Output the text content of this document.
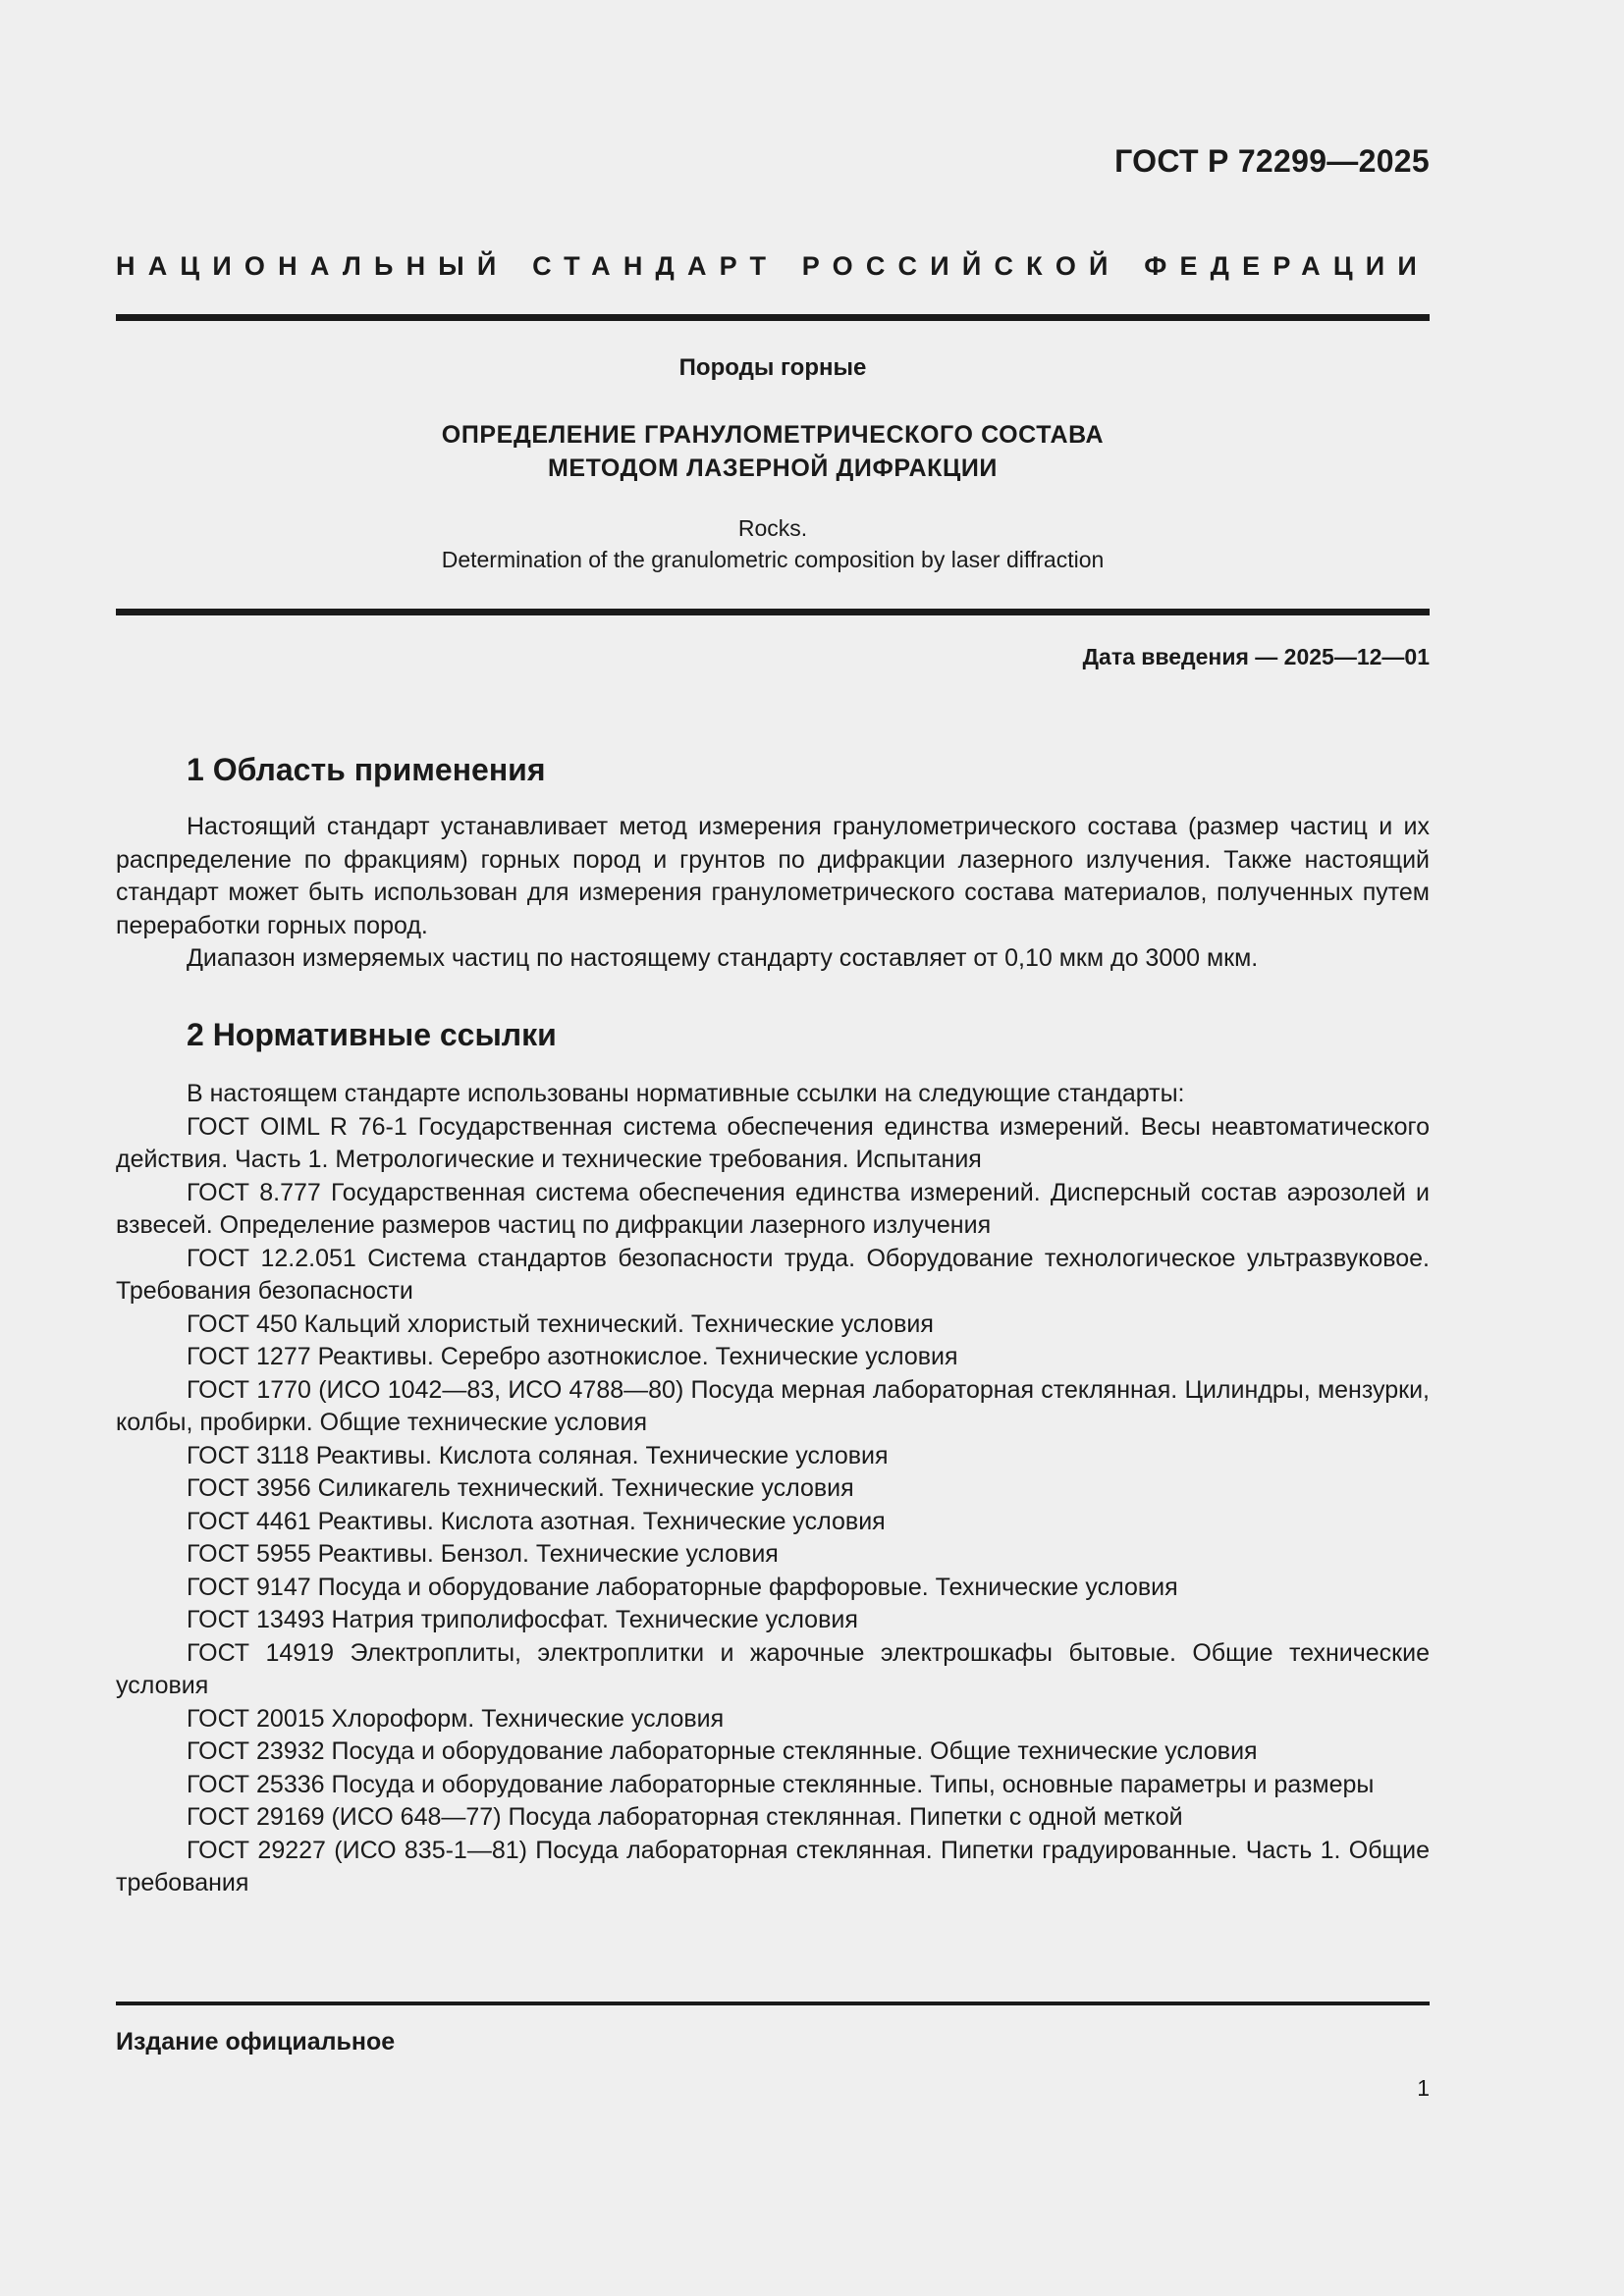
ГОСТ Р 72299—2025
НАЦИОНАЛЬНЫЙ СТАНДАРТ РОССИЙСКОЙ ФЕДЕРАЦИИ
Породы горные
ОПРЕДЕЛЕНИЕ ГРАНУЛОМЕТРИЧЕСКОГО СОСТАВА
МЕТОДОМ ЛАЗЕРНОЙ ДИФРАКЦИИ
Rocks.
Determination of the granulometric composition by laser diffraction
Дата введения — 2025—12—01
1 Область применения

Настоящий стандарт устанавливает метод измерения гранулометрического состава (размер частиц и их распределение по фракциям) горных пород и грунтов по дифракции лазерного излучения. Также настоящий стандарт может быть использован для измерения гранулометрического состава материалов, полученных путем переработки горных пород.

Диапазон измеряемых частиц по настоящему стандарту составляет от 0,10 мкм до 3000 мкм.

2 Нормативные ссылки

В настоящем стандарте использованы нормативные ссылки на следующие стандарты:

ГОСТ OIML R 76-1 Государственная система обеспечения единства измерений. Весы неавтоматического действия. Часть 1. Метрологические и технические требования. Испытания

ГОСТ 8.777 Государственная система обеспечения единства измерений. Дисперсный состав аэрозолей и взвесей. Определение размеров частиц по дифракции лазерного излучения

ГОСТ 12.2.051 Система стандартов безопасности труда. Оборудование технологическое ультразвуковое. Требования безопасности

ГОСТ 450 Кальций хлористый технический. Технические условия

ГОСТ 1277 Реактивы. Серебро азотнокислое. Технические условия

ГОСТ 1770 (ИСО 1042—83, ИСО 4788—80) Посуда мерная лабораторная стеклянная. Цилиндры, мензурки, колбы, пробирки. Общие технические условия

ГОСТ 3118 Реактивы. Кислота соляная. Технические условия

ГОСТ 3956 Силикагель технический. Технические условия

ГОСТ 4461 Реактивы. Кислота азотная. Технические условия

ГОСТ 5955 Реактивы. Бензол. Технические условия

ГОСТ 9147 Посуда и оборудование лабораторные фарфоровые. Технические условия

ГОСТ 13493 Натрия триполифосфат. Технические условия

ГОСТ 14919 Электроплиты, электроплитки и жарочные электрошкафы бытовые. Общие технические условия

ГОСТ 20015 Хлороформ. Технические условия

ГОСТ 23932 Посуда и оборудование лабораторные стеклянные. Общие технические условия

ГОСТ 25336 Посуда и оборудование лабораторные стеклянные. Типы, основные параметры и размеры

ГОСТ 29169 (ИСО 648—77) Посуда лабораторная стеклянная. Пипетки с одной меткой

ГОСТ 29227 (ИСО 835-1—81) Посуда лабораторная стеклянная. Пипетки градуированные. Часть 1. Общие требования

Издание официальное
1
